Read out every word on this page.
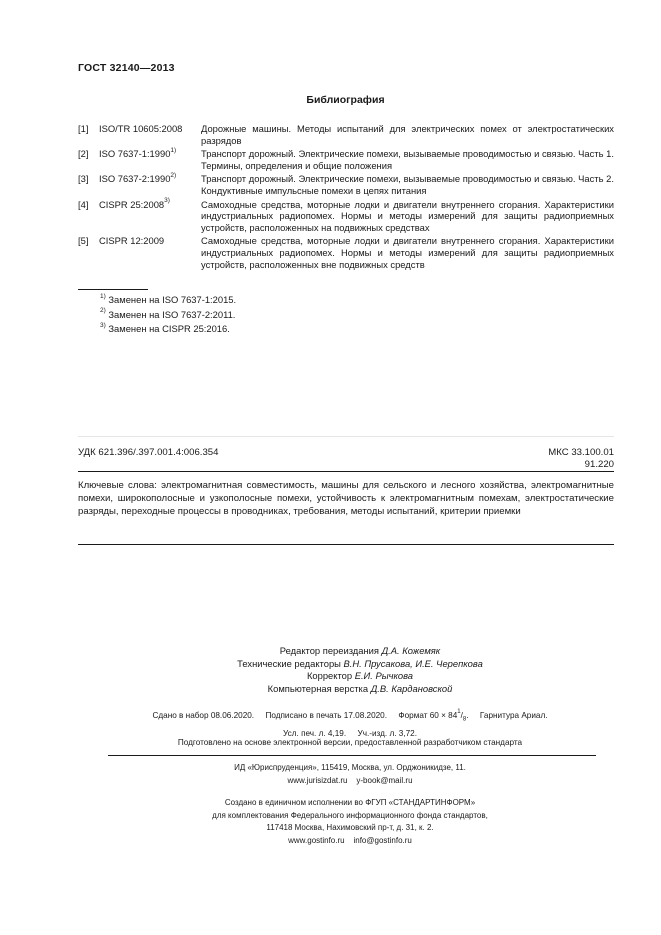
ГОСТ 32140—2013
Библиография
[1]	ISO/TR 10605:2008	Дорожные машины. Методы испытаний для электрических помех от электростатических разрядов
[2]	ISO 7637-1:1990$^{1)}$	Транспорт дорожный. Электрические помехи, вызываемые проводимостью и связью. Часть 1. Термины, определения и общие положения
[3]	ISO 7637-2:1990$^{2)}$	Транспорт дорожный. Электрические помехи, вызываемые проводимостью и связью. Часть 2. Кондуктивные импульсные помехи в цепях питания
[4]	CISPR 25:2008$^{3)}$	Самоходные средства, моторные лодки и двигатели внутреннего сгорания. Характеристики индустриальных радиопомех. Нормы и методы измерений для защиты радиоприемных устройств, расположенных на подвижных средствах
[5]	CISPR 12:2009	Самоходные средства, моторные лодки и двигатели внутреннего сгорания. Характеристики индустриальных радиопомех. Нормы и методы измерений для защиты радиоприемных устройств, расположенных вне подвижных средств
$^{1)}$ Заменен на ISO 7637-1:2015.
$^{2)}$ Заменен на ISO 7637-2:2011.
$^{3)}$ Заменен на CISPR 25:2016.
УДК 621.396/.397.001.4:006.354	МКС 33.100.01
91.220
Ключевые слова: электромагнитная совместимость, машины для сельского и лесного хозяйства, электромагнитные помехи, широкополосные и узкополосные помехи, устойчивость к электромагнитным помехам, электростатические разряды, переходные процессы в проводниках, требования, методы испытаний, критерии приемки
Редактор переиздания Д.А. Кожемяк
Технические редакторы В.Н. Прусакова, И.Е. Черепкова
Корректор Е.И. Рычкова
Компьютерная верстка Д.В. Кардановской
Сдано в набор 08.06.2020. Подписано в печать 17.08.2020. Формат $60 \times 84^1/_8$. Гарнитура Ариал.
Усл. печ. л. 4,19. Уч.-изд. л. 3,72.
Подготовлено на основе электронной версии, предоставленной разработчиком стандарта
ИД «Юриспруденция», 115419, Москва, ул. Орджоникидзе, 11.
www.jurisizdat.ru y-book@mail.ru
Создано в единичном исполнении во ФГУП «СТАНДАРТИНФОРМ»
для комплектования Федерального информационного фонда стандартов,
117418 Москва, Нахимовский пр-т, д. 31, к. 2.
www.gostinfo.ru info@gostinfo.ru
